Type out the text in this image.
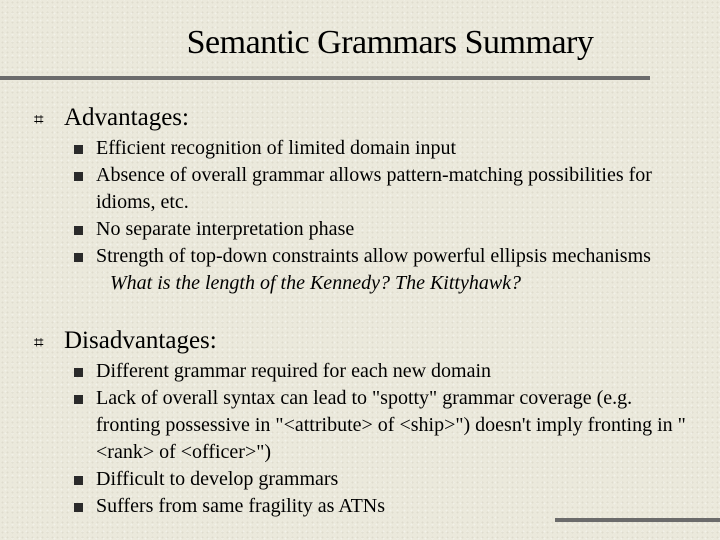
Semantic Grammars Summary
⌗ Advantages:
Efficient recognition of limited domain input
Absence of overall grammar allows pattern-matching possibilities for idioms, etc.
No separate interpretation phase
Strength of top-down constraints allow powerful ellipsis mechanisms
What is the length of the Kennedy? The Kittyhawk?
⌗ Disadvantages:
Different grammar required for each new domain
Lack of overall syntax can lead to "spotty" grammar coverage (e.g. fronting possessive in "<attribute> of <ship>") doesn't imply fronting in "<rank> of <officer>")
Difficult to develop grammars
Suffers from same fragility as ATNs
